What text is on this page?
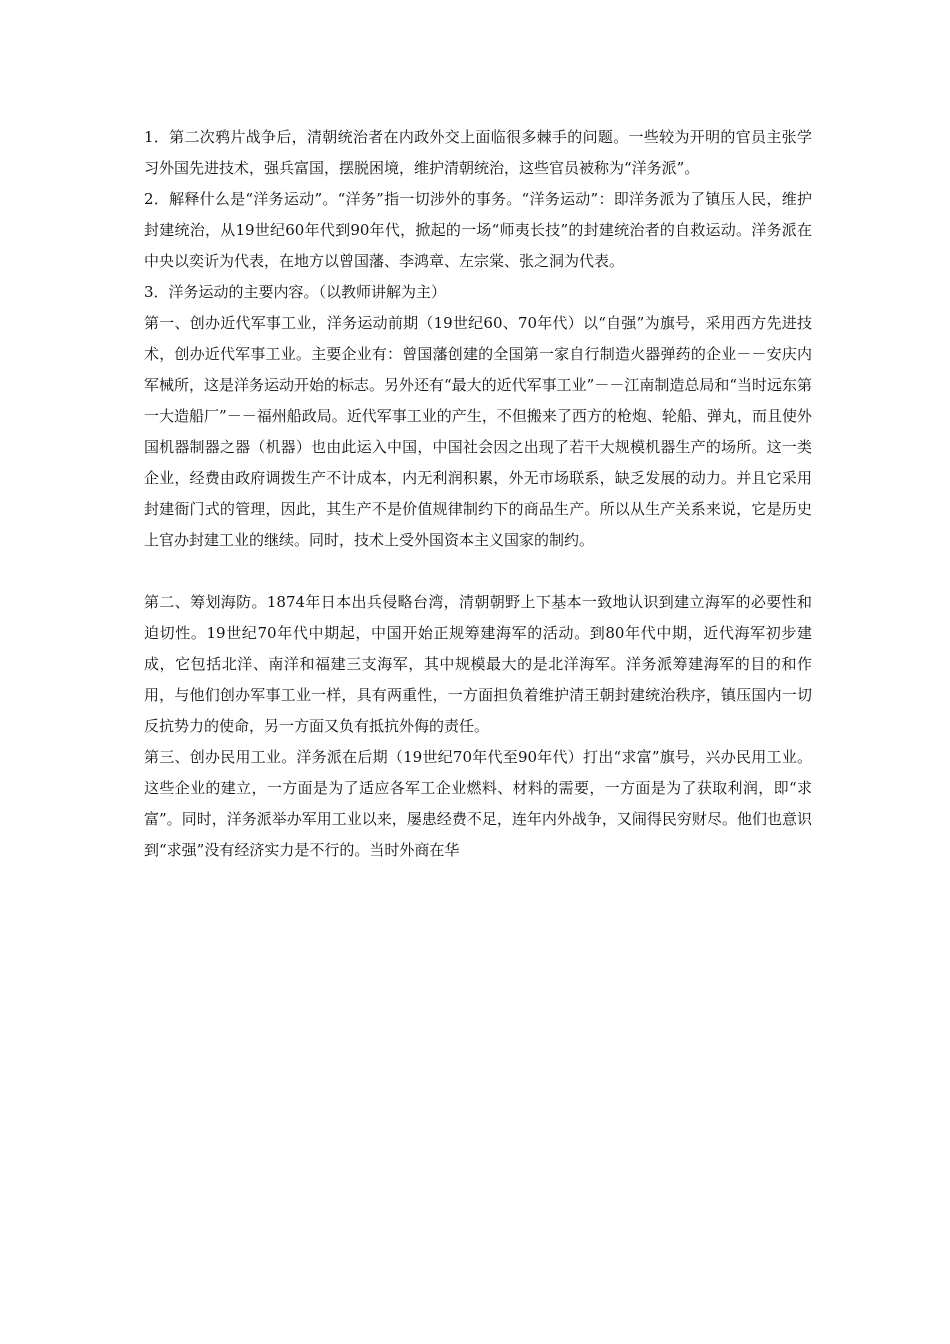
1．第二次鸦片战争后，清朝统治者在内政外交上面临很多棘手的问题。一些较为开明的官员主张学习外国先进技术，强兵富国，摆脱困境，维护清朝统治，这些官员被称为“洋务派”。

2．解释什么是“洋务运动”。“洋务”指一切涉外的事务。“洋务运动”：即洋务派为了镇压人民，维护封建统治，从19世纪60年代到90年代，掀起的一场“师夷长技”的封建统治者的自救运动。洋务派在中央以奕䜣为代表，在地方以曾国藩、李鸿章、左宗棠、张之洞为代表。

3．洋务运动的主要内容。（以教师讲解为主）

第一、创办近代军事工业，洋务运动前期（19世纪60、70年代）以“自强”为旗号，采用西方先进技术，创办近代军事工业。主要企业有：曾国藩创建的全国第一家自行制造火器弹药的企业－－安庆内军械所，这是洋务运动开始的标志。另外还有“最大的近代军事工业”－－江南制造总局和“当时远东第一大造船厂”－－福州船政局。近代军事工业的产生，不但搬来了西方的枪炮、轮船、弹丸，而且使外国机器制器之器（机器）也由此运入中国，中国社会因之出现了若干大规模机器生产的场所。这一类企业，经费由政府调拨生产不计成本，内无利润积累，外无市场联系，缺乏发展的动力。并且它采用封建衙门式的管理，因此，其生产不是价值规律制约下的商品生产。所以从生产关系来说，它是历史上官办封建工业的继续。同时，技术上受外国资本主义国家的制约。

第二、筹划海防。1874年日本出兵侵略台湾，清朝朝野上下基本一致地认识到建立海军的必要性和迫切性。19世纪70年代中期起，中国开始正规筹建海军的活动。到80年代中期，近代海军初步建成，它包括北洋、南洋和福建三支海军，其中规模最大的是北洋海军。洋务派筹建海军的目的和作用，与他们创办军事工业一样，具有两重性，一方面担负着维护清王朝封建统治秩序，镇压国内一切反抗势力的使命，另一方面又负有抵抗外侮的责任。

第三、创办民用工业。洋务派在后期（19世纪70年代至90年代）打出“求富”旗号，兴办民用工业。这些企业的建立，一方面是为了适应各军工企业燃料、材料的需要，一方面是为了获取利润，即“求富”。同时，洋务派举办军用工业以来，屡患经费不足，连年内外战争，又闹得民穷财尽。他们也意识到“求强”没有经济实力是不行的。当时外商在华
